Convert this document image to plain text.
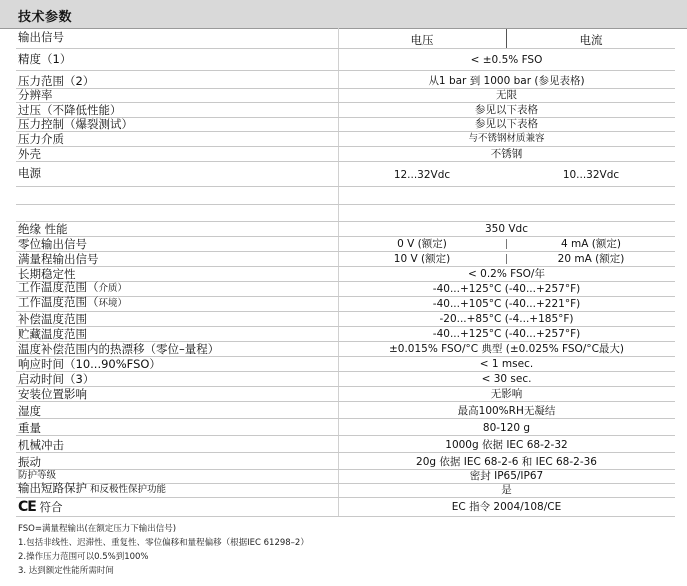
技术参数
输出信号	电压	电流
精度（1）	< ±0.5% FSO
压力范围（2）	从1 bar 到 1000 bar (参见表格)
分辨率	无限
过压（不降低性能）	参见以下表格
压力控制（爆裂测试）	参见以下表格
压力介质	与不锈钢材质兼容
外壳	不锈钢
电源	12...32Vdc	10...32Vdc
绝缘 性能	350 Vdc
零位输出信号	0 V (额定)	4 mA (额定)
满量程输出信号	10 V (额定)	20 mA (额定)
长期稳定性	< 0.2% FSO/年
工作温度范围（介质）	-40...+125°C (-40...+257°F)
工作温度范围（环境）	-40...+105°C (-40...+221°F)
补偿温度范围	-20...+85°C (-4...+185°F)
贮藏温度范围	-40...+125°C (-40...+257°F)
温度补偿范围内的热漂移（零位–量程）	±0.015% FSO/°C 典型 (±0.025% FSO/°C最大)
响应时间（10...90%FSO）	< 1 msec.
启动时间（3）	< 30 sec.
安装位置影响	无影响
湿度	最高100%RH无凝结
重量	80-120 g
机械冲击	1000g 依据 IEC 68-2-32
振动	20g 依据 IEC 68-2-6 和 IEC 68-2-36
防护等级	密封 IP65/IP67
输出短路保护 和反极性保护功能	是
CE 符合	EC 指令 2004/108/CE
FSO=满量程输出(在额定压力下输出信号)
1.包括非线性、迟滞性、重复性、零位偏移和量程偏移（根据IEC 61298–2）
2.操作压力范围可以0.5%到100%
3. 达到额定性能所需时间
